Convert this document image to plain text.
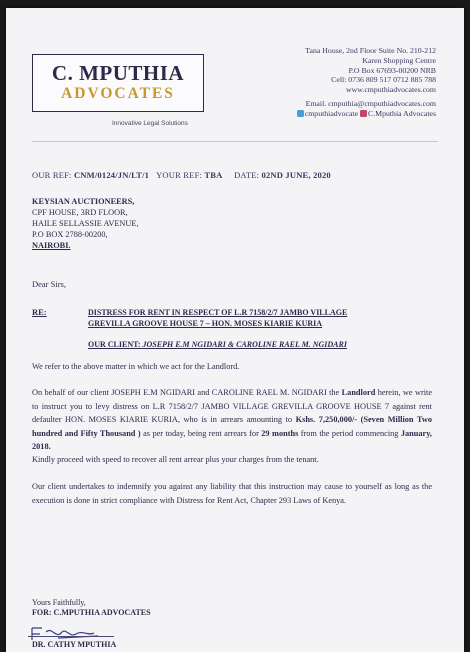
C. MPUTHIA
ADVOCATES
Innovative Legal Solutions
Tana House, 2nd Floor Suite No. 210-212
Karen Shopping Centre
P.O Box 67693-00200 NRB
Cell: 0736 809 517 0712 885 788
www.cmputhiadvocates.com
Email. cmputhia@cmputhiadvocates.com
cmputhiadvocate C.Mputhia Advocates
OUR REF: CNM/0124/JN/LT/1 YOUR REF: TBA DATE: 02ND JUNE, 2020
KEYSIAN AUCTIONEERS,
CPF HOUSE, 3RD FLOOR,
HAILE SELLASSIE AVENUE,
P.O BOX 2788-00200,
NAIROBI.
Dear Sirs,
RE:	DISTRESS FOR RENT IN RESPECT OF L.R 7158/2/7 JAMBO VILLAGE
GREVILLA GROOVE HOUSE 7 – HON. MOSES KIARIE KURIA
OUR CLIENT: JOSEPH E.M NGIDARI & CAROLINE RAEL M. NGIDARI
We refer to the above matter in which we act for the Landlord.
On behalf of our client JOSEPH E.M NGIDARI and CAROLINE RAEL M. NGIDARI the Landlord herein, we write to instruct you to levy distress on L.R 7158/2/7 JAMBO VILLAGE GREVILLA GROOVE HOUSE 7 against rent defaulter HON. MOSES KIARIE KURIA, who is in arrears amounting to Kshs. 7,250,000/- (Seven Million Two hundred and Fifty Thousand ) as per today, being rent arrears for 29 months from the period commencing January, 2018.
Kindly proceed with speed to recover all rent arrear plus your charges from the tenant.
Our client undertakes to indemnify you against any liability that this instruction may cause to yourself as long as the execution is done in strict compliance with Distress for Rent Act, Chapter 293 Laws of Kenya.
Yours Faithfully,
FOR: C.MPUTHIA ADVOCATES
DR. CATHY MPUTHIA
